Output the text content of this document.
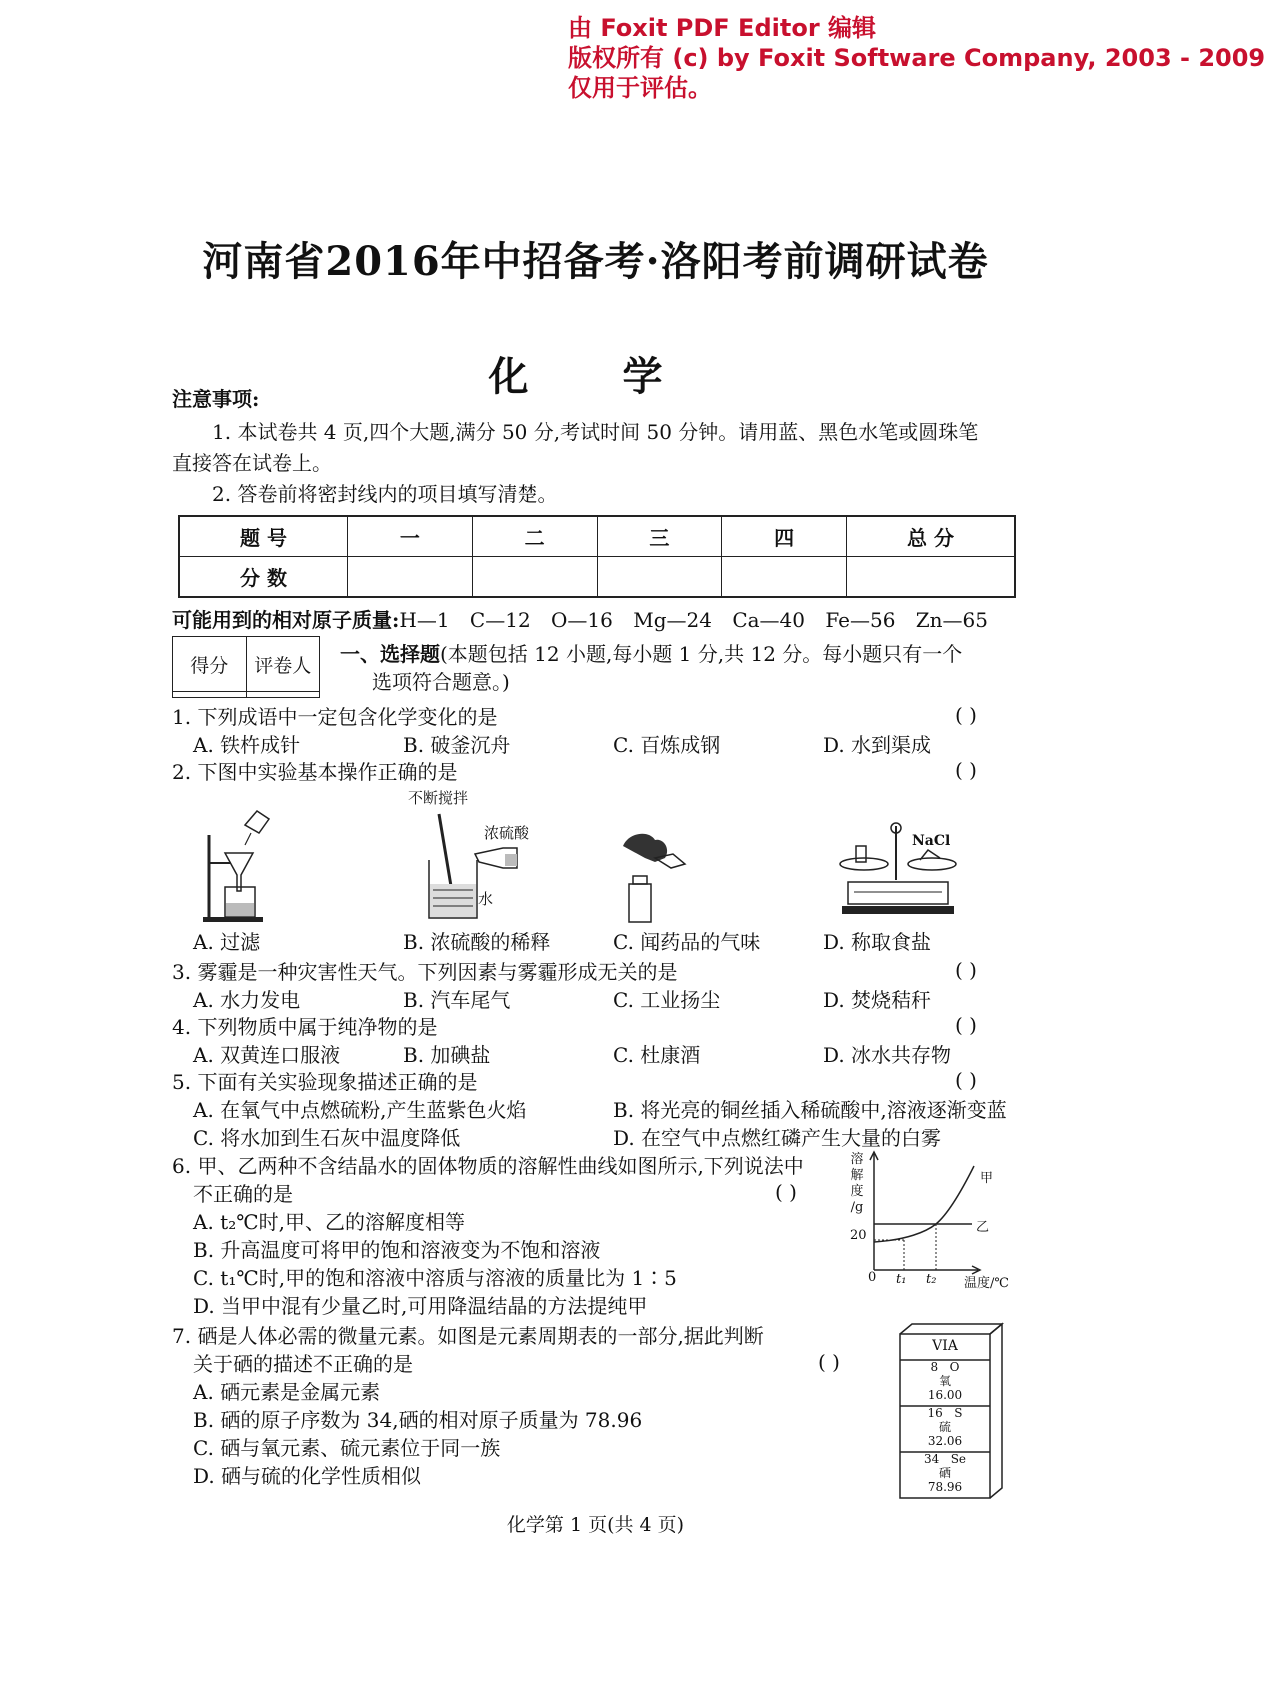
由 Foxit PDF Editor 编辑
版权所有 (c) by Foxit Software Company, 2003 - 2009
仅用于评估。
河南省2016年中招备考·洛阳考前调研试卷
化 学
注意事项:
1. 本试卷共 4 页,四个大题,满分 50 分,考试时间 50 分钟。请用蓝、黑色水笔或圆珠笔
直接答在试卷上。
2. 答卷前将密封线内的项目填写清楚。
题 号	一	二	三	四	总 分
分 数					
可能用到的相对原子质量:H—1 C—12 O—16 Mg—24 Ca—40 Fe—56 Zn—65
得分	评卷人
	一、选择题(本题包括 12 小题,每小题 1 分,共 12 分。每小题只有一个
选项符合题意。)
1. 下列成语中一定包含化学变化的是	( )
A. 铁杵成针	B. 破釜沉舟	C. 百炼成钢	D. 水到渠成
2. 下图中实验基本操作正确的是	( )
不断搅拌
浓硫酸
水
NaCl
A. 过滤	B. 浓硫酸的稀释	C. 闻药品的气味	D. 称取食盐
3. 雾霾是一种灾害性天气。下列因素与雾霾形成无关的是	( )
A. 水力发电	B. 汽车尾气	C. 工业扬尘	D. 焚烧秸秆
4. 下列物质中属于纯净物的是	( )
A. 双黄连口服液	B. 加碘盐	C. 杜康酒	D. 冰水共存物
5. 下面有关实验现象描述正确的是	( )
A. 在氧气中点燃硫粉,产生蓝紫色火焰	B. 将光亮的铜丝插入稀硫酸中,溶液逐渐变蓝
C. 将水加到生石灰中温度降低	D. 在空气中点燃红磷产生大量的白雾
6. 甲、乙两种不含结晶水的固体物质的溶解性曲线如图所示,下列说法中
不正确的是	( )
A. t₂℃时,甲、乙的溶解度相等
B. 升高温度可将甲的饱和溶液变为不饱和溶液
C. t₁℃时,甲的饱和溶液中溶质与溶液的质量比为 1∶5
D. 当甲中混有少量乙时,可用降温结晶的方法提纯甲
溶
解
度
/g
20
0 t₁ t₂ 温度/℃
甲
乙
7. 硒是人体必需的微量元素。如图是元素周期表的一部分,据此判断
关于硒的描述不正确的是	( )
A. 硒元素是金属元素
B. 硒的原子序数为 34,硒的相对原子质量为 78.96
C. 硒与氧元素、硫元素位于同一族
D. 硒与硫的化学性质相似
VIA
8 O
氧
16.00
16 S
硫
32.06
34 Se
硒
78.96
化学第 1 页(共 4 页)
